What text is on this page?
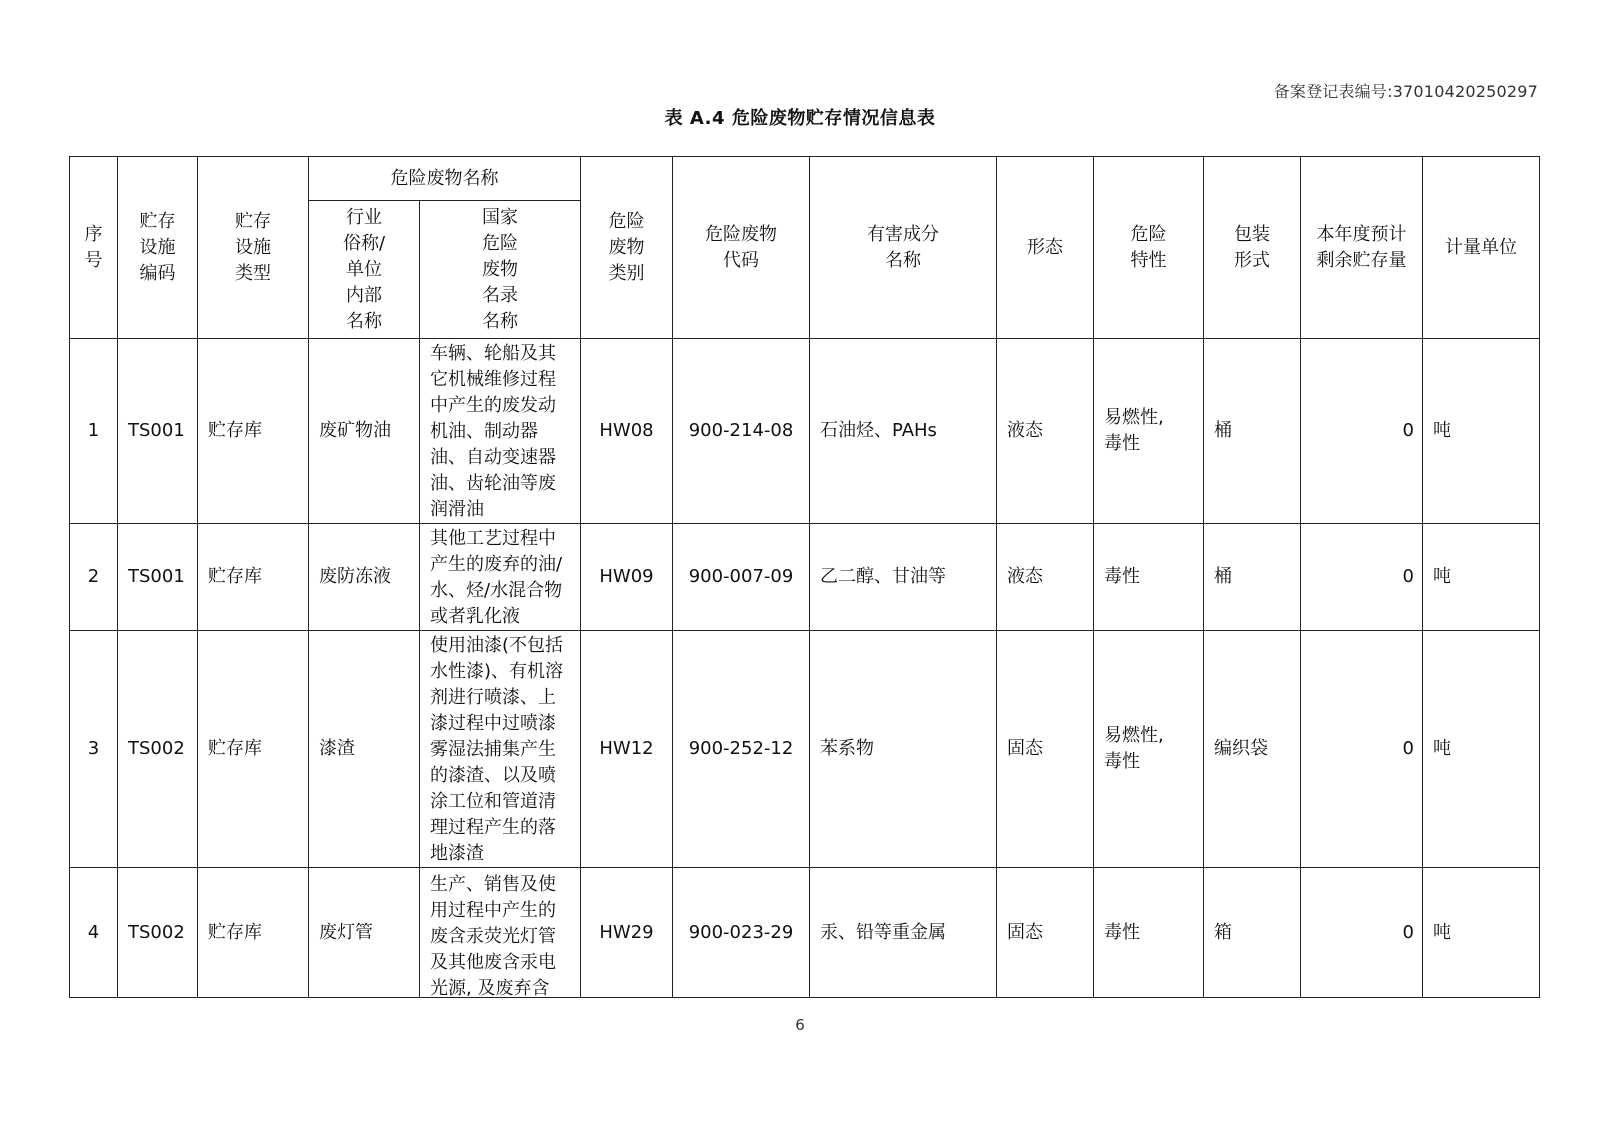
备案登记表编号:37010420250297
表 A.4 危险废物贮存情况信息表
序号	贮存设施编码	贮存设施类型	危险废物名称		危险废物类别	危险废物代码	有害成分名称	形态	危险特性	包装形式	本年度预计剩余贮存量	计量单位
			行业俗称/单位内部名称	国家危险废物名录名称								
1	TS001	贮存库	废矿物油	车辆、轮船及其它机械维修过程中产生的废发动机油、制动器油、自动变速器油、齿轮油等废润滑油	HW08	900-214-08	石油烃、PAHs	液态	易燃性, 毒性	桶	0	吨
2	TS001	贮存库	废防冻液	其他工艺过程中产生的废弃的油/水、烃/水混合物或者乳化液	HW09	900-007-09	乙二醇、甘油等	液态	毒性	桶	0	吨
3	TS002	贮存库	漆渣	使用油漆(不包括水性漆)、有机溶剂进行喷漆、上漆过程中过喷漆雾湿法捕集产生的漆渣、以及喷涂工位和管道清理过程产生的落地漆渣	HW12	900-252-12	苯系物	固态	易燃性, 毒性	编织袋	0	吨
4	TS002	贮存库	废灯管	生产、销售及使用过程中产生的废含汞荧光灯管及其他废含汞电光源, 及废弃含	HW29	900-023-29	汞、铅等重金属	固态	毒性	箱	0	吨
6
